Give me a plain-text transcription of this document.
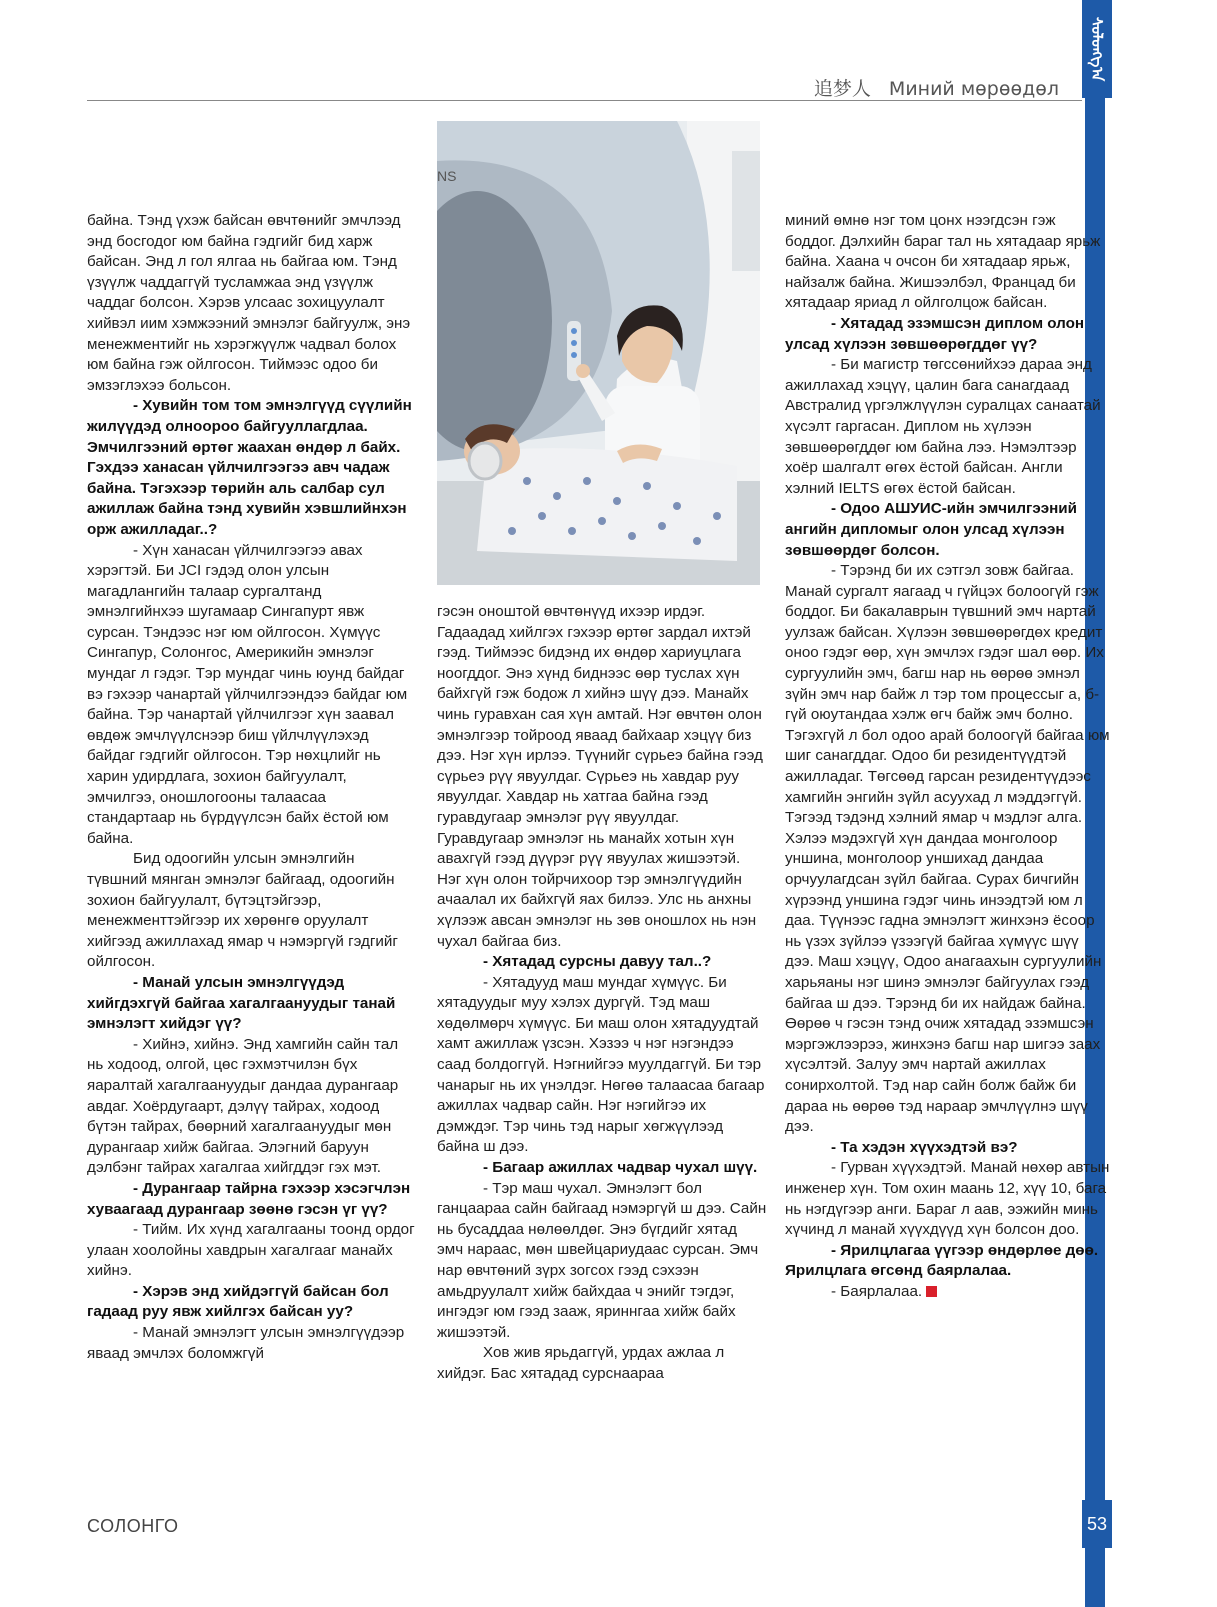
ᠰᠣᠯᠣᠩᠭ᠎ᠠ
追梦人 Миний мөрөөдөл

байна. Тэнд үхэж байсан өвчтөнийг эмчлээд энд босгодог юм байна гэдгийг бид харж байсан. Энд л гол ялгаа нь байгаа юм. Тэнд үзүүлж чаддаггүй тусламжаа энд үзүүлж чаддаг болсон. Хэрэв улсаас зохицуулалт хийвэл иим хэмжээний эмнэлэг байгуулж, энэ менежментийг нь хэрэгжүүлж чадвал болох юм байна гэж ойлгосон. Тиймээс одоо би эмзэглэхээ больсон.

- Хувийн том том эмнэлгүүд сүүлийн жилүүдэд олноороо байгууллагдлаа. Эмчилгээний өртөг жаахан өндөр л байх. Гэхдээ ханасан үйлчилгээгээ авч чадаж байна. Тэгэхээр төрийн аль салбар сул ажиллаж байна тэнд хувийн хэвшлийнхэн орж ажилладаг..?

- Хүн ханасан үйлчилгээгээ авах хэрэгтэй. Би JCI гэдэд олон улсын магадлангийн талаар сургалтанд эмнэлгийнхээ шугамаар Сингапурт явж сурсан. Тэндээс нэг юм ойлгосон. Хүмүүс Сингапур, Солонгос, Америкийн эмнэлэг мундаг л гэдэг. Тэр мундаг чинь юунд байдаг вэ гэхээр чанартай үйлчилгээндээ байдаг юм байна. Тэр чанартай үйлчилгээг хүн заавал өвдөж эмчлүүлснээр биш үйлчлүүлэхэд байдаг гэдгийг ойлгосон. Тэр нөхцлийг нь харин удирдлага, зохион байгуулалт, эмчилгээ, оношлогооны талаасаа стандартаар нь бүрдүүлсэн байх ёстой юм байна.

Бид одоогийн улсын эмнэлгийн түвшний мянган эмнэлэг байгаад, одоогийн зохион байгуулалт, бүтэцтэйгээр, менежменттэйгээр их хөрөнгө оруулалт хийгээд ажиллахад ямар ч нэмэргүй гэдгийг ойлгосон.

- Манай улсын эмнэлгүүдэд хийгдэхгүй байгаа хагалгаануудыг танай эмнэлэгт хийдэг үү?

- Хийнэ, хийнэ. Энд хамгийн сайн тал нь ходоод, олгой, цөс гэхмэтчилэн бүх яаралтай хагалгаануудыг дандаа дурангаар авдаг. Хоёрдугаарт, дэлүү тайрах, ходоод бүтэн тайрах, бөөрний хагалгаануудыг мөн дурангаар хийж байгаа. Элэгний баруун дэлбэнг тайрах хагалгаа хийгддэг гэх мэт.

- Дурангаар тайрна гэхээр хэсэгчлэн хуваагаад дурангаар зөөнө гэсэн үг үү?

- Тийм. Их хүнд хагалгааны тоонд ордог улаан хоолойны хавдрын хагалгааг манайх хийнэ.

- Хэрэв энд хийдэггүй байсан бол гадаад руу явж хийлгэх байсан уу?

- Манай эмнэлэгт улсын эмнэлгүүдээр яваад эмчлэх боломжгүй

NS

гэсэн оноштой өвчтөнүүд ихээр ирдэг. Гадаадад хийлгэх гэхээр өртөг зардал ихтэй гээд. Тиймээс бидэнд их өндөр хариуцлага ноогддог. Энэ хүнд биднээс өөр туслах хүн байхгүй гэж бодож л хийнэ шүү дээ. Манайх чинь гуравхан сая хүн амтай. Нэг өвчтөн олон эмнэлгээр тойроод яваад байхаар хэцүү биз дээ. Нэг хүн ирлээ. Түүнийг сүрьеэ байна гээд сүрьеэ рүү явуулдаг. Сүрьеэ нь хавдар руу явуулдаг. Хавдар нь хатгаа байна гээд гуравдугаар эмнэлэг рүү явуулдаг. Гуравдугаар эмнэлэг нь манайх хотын хүн авахгүй гээд дүүрэг рүү явуулах жишээтэй. Нэг хүн олон тойрчихоор тэр эмнэлгүүдийн ачаалал их байхгүй яах билээ. Улс нь анхны хүлээж авсан эмнэлэг нь зөв оношлох нь нэн чухал байгаа биз.

- Хятадад сурсны давуу тал..?

- Хятадууд маш мундаг хүмүүс. Би хятадуудыг муу хэлэх дургүй. Тэд маш хөдөлмөрч хүмүүс. Би маш олон хятадуудтай хамт ажиллаж үзсэн. Хэзээ ч нэг нэгэндээ саад болдоггүй. Нэгнийгээ муулдаггүй. Би тэр чанарыг нь их үнэлдэг. Нөгөө талаасаа багаар ажиллах чадвар сайн. Нэг нэгийгээ их дэмждэг. Тэр чинь тэд нарыг хөгжүүлээд байна ш дээ.

- Багаар ажиллах чадвар чухал шүү.

- Тэр маш чухал. Эмнэлэгт бол ганцаараа сайн байгаад нэмэргүй ш дээ. Сайн нь бусаддаа нөлөөлдөг. Энэ бүгдийг хятад эмч нараас, мөн швейцариудаас сурсан. Эмч нар өвчтөний зүрх зогсох гээд сэхээн амьдруулалт хийж байхдаа ч энийг тэгдэг, ингэдэг юм гээд зааж, яриннгаа хийж байх жишээтэй.

Хов жив ярьдаггүй, урдах ажлаа л хийдэг. Бас хятадад сурснаараа

миний өмнө нэг том цонх нээгдсэн гэж боддог. Дэлхийн бараг тал нь хятадаар ярьж байна. Хаана ч очсон би хятадаар ярьж, найзалж байна. Жишээлбэл, Францад би хятадаар яриад л ойлголцож байсан.

- Хятадад эзэмшсэн диплом олон улсад хүлээн зөвшөөрөгддөг үү?

- Би магистр төгссөнийхээ дараа энд ажиллахад хэцүү, цалин бага санагдаад Австралид үргэлжлүүлэн суралцах санаатай хүсэлт гаргасан. Диплом нь хүлээн зөвшөөрөгддөг юм байна лээ. Нэмэлтээр хоёр шалгалт өгөх ёстой байсан. Англи хэлний IELTS өгөх ёстой байсан.

- Одоо АШУИС-ийн эмчилгээний ангийн дипломыг олон улсад хүлээн зөвшөөрдөг болсон.

- Тэрэнд би их сэтгэл зовж байгаа. Манай сургалт яагаад ч гүйцэх болоогүй гэж боддог. Би бакалаврын түвшний эмч нартай уулзаж байсан. Хүлээн зөвшөөрөгдөх кредит оноо гэдэг өөр, хүн эмчлэх гэдэг шал өөр. Их сургуулийн эмч, багш нар нь өөрөө эмнэл зүйн эмч нар байж л тэр том процессыг а, б-гүй оюутандаа хэлж өгч байж эмч болно. Тэгэхгүй л бол одоо арай болоогүй байгаа юм шиг санагддаг. Одоо би резидентүүдтэй ажилладаг. Төгсөөд гарсан резидентүүдээс хамгийн энгийн зүйл асуухад л мэддэггүй. Тэгээд тэдэнд хэлний ямар ч мэдлэг алга. Хэлээ мэдэхгүй хүн дандаа монголоор уншина, монголоор уншихад дандаа орчуулагдсан зүйл байгаа. Сурах бичгийн хүрээнд уншина гэдэг чинь инээдтэй юм л даа. Түүнээс гадна эмнэлэгт жинхэнэ ёсоор нь үзэх зүйлээ үзээгүй байгаа хүмүүс шүү дээ. Маш хэцүү, Одоо анагаахын сургуулийн харьяаны нэг шинэ эмнэлэг байгуулах гээд байгаа ш дээ. Тэрэнд би их найдаж байна. Өөрөө ч гэсэн тэнд очиж хятадад эзэмшсэн мэргэжлээрээ, жинхэнэ багш нар шигээ заах хүсэлтэй. Залуу эмч нартай ажиллах сонирхолтой. Тэд нар сайн болж байж би дараа нь өөрөө тэд нараар эмчлүүлнэ шүү дээ.

- Та хэдэн хүүхэдтэй вэ?

- Гурван хүүхэдтэй. Манай нөхөр автын инженер хүн. Том охин маань 12, хүү 10, бага нь нэгдүгээр анги. Бараг л аав, ээжийн минь хүчинд л манай хүүхдүүд хүн болсон доо.

- Ярилцлагаа үүгээр өндөрлөе дөө. Ярилцлага өгсөнд баярлалаа.

- Баярлалаа.

СОЛОНГО	53
